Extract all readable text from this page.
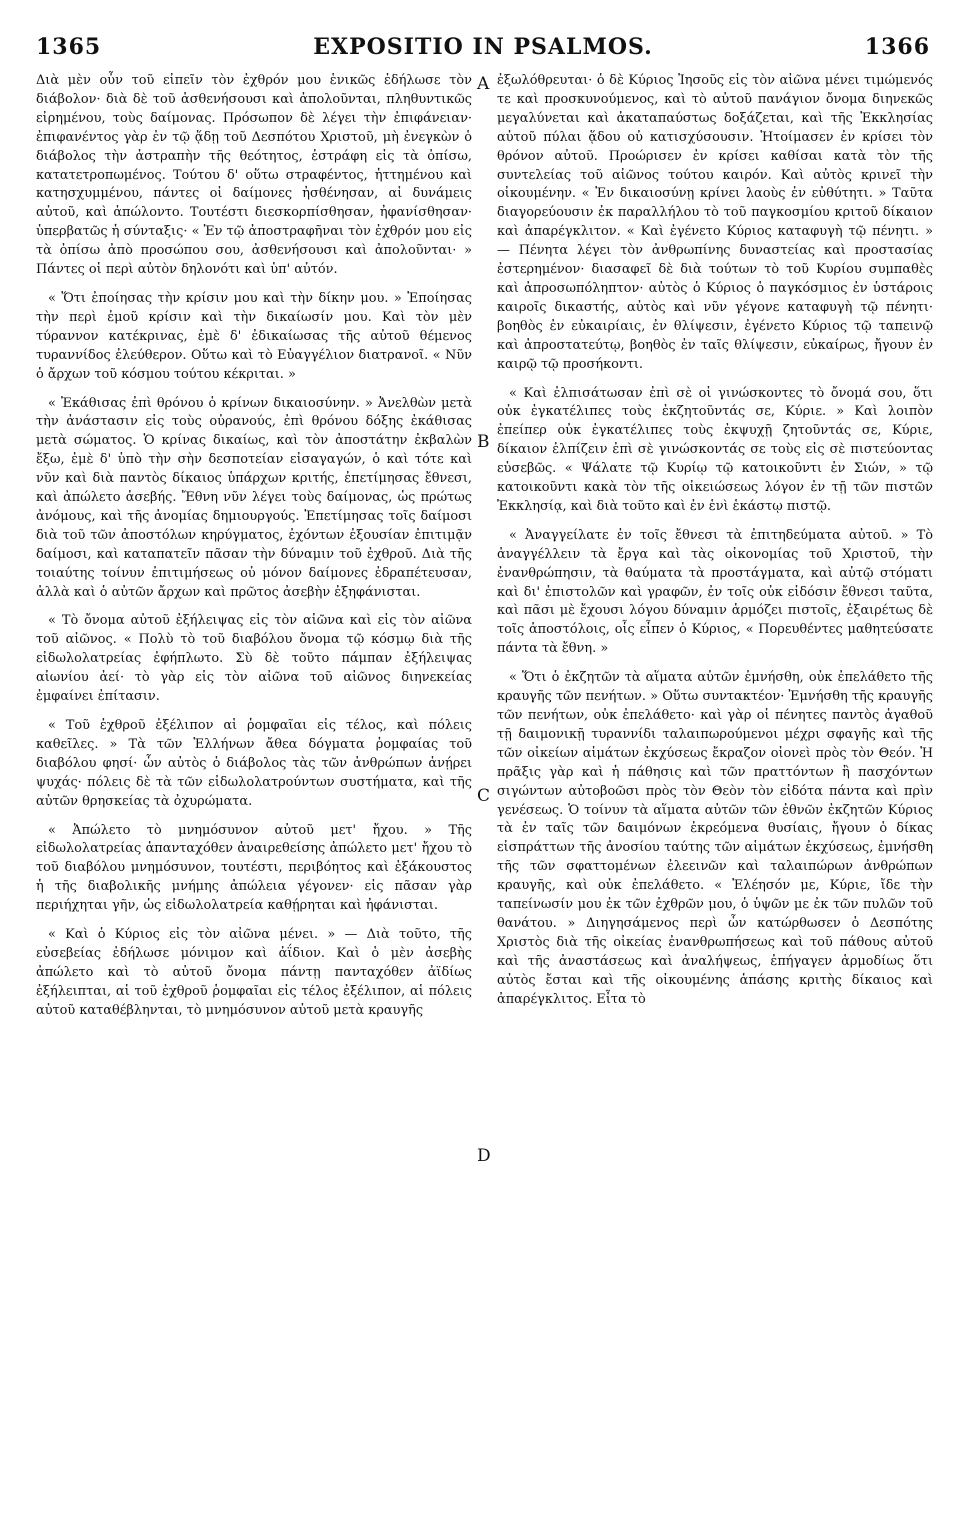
1365	EXPOSITIO IN PSALMOS.	1366
A
B
C
D

Διὰ μὲν οὖν τοῦ εἰπεῖν τὸν ἐχθρόν μου ἑνικῶς ἐδήλωσε τὸν διάβολον· διὰ δὲ τοῦ ἀσθενήσουσι καὶ ἀπολοῦνται, πληθυντικῶς εἰρημένου, τοὺς δαίμονας. Πρόσωπον δὲ λέγει τὴν ἐπιφάνειαν· ἐπιφανέντος γὰρ ἐν τῷ ᾅδῃ τοῦ Δεσπότου Χριστοῦ, μὴ ἐνεγκὼν ὁ διάβολος τὴν ἀστραπὴν τῆς θεότητος, ἐστράφη εἰς τὰ ὀπίσω, κατατετροπωμένος. Τούτου δ' οὕτω στραφέντος, ἡττημένου καὶ κατησχυμμένου, πάντες οἱ δαίμονες ἠσθένησαν, αἱ δυνάμεις αὐτοῦ, καὶ ἀπώλοντο. Τουτέστι διεσκορπίσθησαν, ἠφανίσθησαν· ὑπερβατῶς ἡ σύνταξις· « Ἐν τῷ ἀποστραφῆναι τὸν ἐχθρόν μου εἰς τὰ ὀπίσω ἀπὸ προσώπου σου, ἀσθενήσουσι καὶ ἀπολοῦνται· » Πάντες οἱ περὶ αὐτὸν δηλονότι καὶ ὑπ' αὐτόν.

« Ὅτι ἐποίησας τὴν κρίσιν μου καὶ τὴν δίκην μου. » Ἐποίησας τὴν περὶ ἐμοῦ κρίσιν καὶ τὴν δικαίωσίν μου. Καὶ τὸν μὲν τύραννον κατέκρινας, ἐμὲ δ' ἐδικαίωσας τῆς αὐτοῦ θέμενος τυραννίδος ἐλεύθερον. Οὕτω καὶ τὸ Εὐαγγέλιον διατρανοῖ. « Νῦν ὁ ἄρχων τοῦ κόσμου τούτου κέκριται. »

« Ἐκάθισας ἐπὶ θρόνου ὁ κρίνων δικαιοσύνην. » Ἀνελθὼν μετὰ τὴν ἀνάστασιν εἰς τοὺς οὐρανούς, ἐπὶ θρόνου δόξης ἐκάθισας μετὰ σώματος. Ὁ κρίνας δικαίως, καὶ τὸν ἀποστάτην ἐκβαλὼν ἔξω, ἐμὲ δ' ὑπὸ τὴν σὴν δεσποτείαν εἰσαγαγών, ὁ καὶ τότε καὶ νῦν καὶ διὰ παντὸς δίκαιος ὑπάρχων κριτής, ἐπετίμησας ἔθνεσι, καὶ ἀπώλετο ἀσεβής. Ἔθνη νῦν λέγει τοὺς δαίμονας, ὡς πρώτως ἀνόμους, καὶ τῆς ἀνομίας δημιουργούς. Ἐπετίμησας τοῖς δαίμοσι διὰ τοῦ τῶν ἀποστόλων κηρύγματος, ἐχόντων ἐξουσίαν ἐπιτιμᾷν δαίμοσι, καὶ καταπατεῖν πᾶσαν τὴν δύναμιν τοῦ ἐχθροῦ. Διὰ τῆς τοιαύτης τοίνυν ἐπιτιμήσεως οὐ μόνον δαίμονες ἐδραπέτευσαν, ἀλλὰ καὶ ὁ αὐτῶν ἄρχων καὶ πρῶτος ἀσεβὴν ἐξηφάνισται.

« Τὸ ὄνομα αὐτοῦ ἐξήλειψας εἰς τὸν αἰῶνα καὶ εἰς τὸν αἰῶνα τοῦ αἰῶνος. « Πολὺ τὸ τοῦ διαβόλου ὄνομα τῷ κόσμῳ διὰ τῆς εἰδωλολατρείας ἐφήπλωτο. Σὺ δὲ τοῦτο πάμπαν ἐξήλειψας αἰωνίου ἀεί· τὸ γὰρ εἰς τὸν αἰῶνα τοῦ αἰῶνος διηνεκείας ἐμφαίνει ἐπίτασιν.

« Τοῦ ἐχθροῦ ἐξέλιπον αἱ ῥομφαῖαι εἰς τέλος, καὶ πόλεις καθεῖλες. » Τὰ τῶν Ἑλλήνων ἄθεα δόγματα ῥομφαίας τοῦ διαβόλου φησί· ὧν αὐτὸς ὁ διάβολος τὰς τῶν ἀνθρώπων ἀνῄρει ψυχάς· πόλεις δὲ τὰ τῶν εἰδωλολατρούντων συστήματα, καὶ τῆς αὐτῶν θρησκείας τὰ ὀχυρώματα.

« Ἀπώλετο τὸ μνημόσυνον αὐτοῦ μετ' ἤχου. » Τῆς εἰδωλολατρείας ἁπανταχόθεν ἀναιρεθείσης ἀπώλετο μετ' ἤχου τὸ τοῦ διαβόλου μνημόσυνον, τουτέστι, περιβόητος καὶ ἐξάκουστος ἡ τῆς διαβολικῆς μνήμης ἀπώλεια γέγονεν· εἰς πᾶσαν γὰρ περιήχηται γῆν, ὡς εἰδωλολατρεία καθῄρηται καὶ ἠφάνισται.

« Καὶ ὁ Κύριος εἰς τὸν αἰῶνα μένει. » — Διὰ τοῦτο, τῆς εὐσεβείας ἐδήλωσε μόνιμον καὶ ἀΐδιον. Καὶ ὁ μὲν ἀσεβὴς ἀπώλετο καὶ τὸ αὐτοῦ ὄνομα πάντῃ πανταχόθεν ἀϊδίως ἐξήλειπται, αἱ τοῦ ἐχθροῦ ῥομφαῖαι εἰς τέλος ἐξέλιπον, αἱ πόλεις αὐτοῦ καταθέβληνται, τὸ μνημόσυνον αὐτοῦ μετὰ κραυγῆς

ἐξωλόθρευται· ὁ δὲ Κύριος Ἰησοῦς εἰς τὸν αἰῶνα μένει τιμώμενός τε καὶ προσκυνούμενος, καὶ τὸ αὐτοῦ πανάγιον ὄνομα διηνεκῶς μεγαλύνεται καὶ ἀκαταπαύστως δοξάζεται, καὶ τῆς Ἐκκλησίας αὐτοῦ πύλαι ᾅδου οὐ κατισχύσουσιν. Ἡτοίμασεν ἐν κρίσει τὸν θρόνον αὐτοῦ. Προώρισεν ἐν κρίσει καθίσαι κατὰ τὸν τῆς συντελείας τοῦ αἰῶνος τούτου καιρόν. Καὶ αὐτὸς κρινεῖ τὴν οἰκουμένην. « Ἐν δικαιοσύνῃ κρίνει λαοὺς ἐν εὐθύτητι. » Ταῦτα διαγορεύουσιν ἐκ παραλλήλου τὸ τοῦ παγκοσμίου κριτοῦ δίκαιον καὶ ἀπαρέγκλιτον. « Καὶ ἐγένετο Κύριος καταφυγὴ τῷ πένητι. » — Πένητα λέγει τὸν ἀνθρωπίνης δυναστείας καὶ προστασίας ἐστερημένον· διασαφεῖ δὲ διὰ τούτων τὸ τοῦ Κυρίου συμπαθὲς καὶ ἀπροσωπόληπτον· αὐτὸς ὁ Κύριος ὁ παγκόσμιος ἐν ὑστάροις καιροῖς δικαστής, αὐτὸς καὶ νῦν γέγονε καταφυγὴ τῷ πένητι· βοηθὸς ἐν εὐκαιρίαις, ἐν θλίψεσιν, ἐγένετο Κύριος τῷ ταπεινῷ καὶ ἀπροστατεύτῳ, βοηθὸς ἐν ταῖς θλίψεσιν, εὐκαίρως, ἤγουν ἐν καιρῷ τῷ προσήκοντι.

« Καὶ ἐλπισάτωσαν ἐπὶ σὲ οἱ γινώσκοντες τὸ ὄνομά σου, ὅτι οὐκ ἐγκατέλιπες τοὺς ἐκζητοῦντάς σε, Κύριε. » Καὶ λοιπὸν ἐπείπερ οὐκ ἐγκατέλιπες τοὺς ἐκψυχῇ ζητοῦντάς σε, Κύριε, δίκαιον ἐλπίζειν ἐπὶ σὲ γινώσκοντάς σε τοὺς εἰς σὲ πιστεύοντας εὐσεβῶς. « Ψάλατε τῷ Κυρίῳ τῷ κατοικοῦντι ἐν Σιών, » τῷ κατοικοῦντι κακὰ τὸν τῆς οἰκειώσεως λόγον ἐν τῇ τῶν πιστῶν Ἐκκλησίᾳ, καὶ διὰ τοῦτο καὶ ἐν ἑνὶ ἑκάστῳ πιστῷ.

« Ἀναγγείλατε ἐν τοῖς ἔθνεσι τὰ ἐπιτηδεύματα αὐτοῦ. » Τὸ ἀναγγέλλειν τὰ ἔργα καὶ τὰς οἰκονομίας τοῦ Χριστοῦ, τὴν ἐνανθρώπησιν, τὰ θαύματα τὰ προστάγματα, καὶ αὐτῷ στόματι καὶ δι' ἐπιστολῶν καὶ γραφῶν, ἐν τοῖς οὐκ εἰδόσιν ἔθνεσι ταῦτα, καὶ πᾶσι μὲ ἔχουσι λόγου δύναμιν ἁρμόζει πιστοῖς, ἐξαιρέτως δὲ τοῖς ἀποστόλοις, οἷς εἶπεν ὁ Κύριος, « Πορευθέντες μαθητεύσατε πάντα τὰ ἔθνη. »

« Ὅτι ὁ ἐκζητῶν τὰ αἵματα αὐτῶν ἐμνήσθη, οὐκ ἐπελάθετο τῆς κραυγῆς τῶν πενήτων. » Οὕτω συντακτέον· Ἐμνήσθη τῆς κραυγῆς τῶν πενήτων, οὐκ ἐπελάθετο· καὶ γὰρ οἱ πένητες παντὸς ἀγαθοῦ τῇ δαιμονικῇ τυραννίδι ταλαιπωρούμενοι μέχρι σφαγῆς καὶ τῆς τῶν οἰκείων αἱμάτων ἐκχύσεως ἔκραζον οἱονεὶ πρὸς τὸν Θεόν. Ἡ πρᾶξις γὰρ καὶ ἡ πάθησις καὶ τῶν πραττόντων ἢ πασχόντων σιγώντων αὐτοβοῶσι πρὸς τὸν Θεὸν τὸν εἰδότα πάντα καὶ πρὶν γενέσεως. Ὁ τοίνυν τὰ αἵματα αὐτῶν τῶν ἐθνῶν ἐκζητῶν Κύριος τὰ ἐν ταῖς τῶν δαιμόνων ἐκρεόμενα θυσίαις, ἤγουν ὁ δίκας εἰσπράττων τῆς ἀνοσίου ταύτης τῶν αἱμάτων ἐκχύσεως, ἐμνήσθη τῆς τῶν σφαττομένων ἐλεεινῶν καὶ ταλαιπώρων ἀνθρώπων κραυγῆς, καὶ οὐκ ἐπελάθετο. « Ἐλέησόν με, Κύριε, ἴδε τὴν ταπείνωσίν μου ἐκ τῶν ἐχθρῶν μου, ὁ ὑψῶν με ἐκ τῶν πυλῶν τοῦ θανάτου. » Διηγησάμενος περὶ ὧν κατώρθωσεν ὁ Δεσπότης Χριστὸς διὰ τῆς οἰκείας ἐνανθρωπήσεως καὶ τοῦ πάθους αὐτοῦ καὶ τῆς ἀναστάσεως καὶ ἀναλήψεως, ἐπήγαγεν ἁρμοδίως ὅτι αὐτὸς ἔσται καὶ τῆς οἰκουμένης ἁπάσης κριτὴς δίκαιος καὶ ἀπαρέγκλιτος. Εἶτα τὸ
